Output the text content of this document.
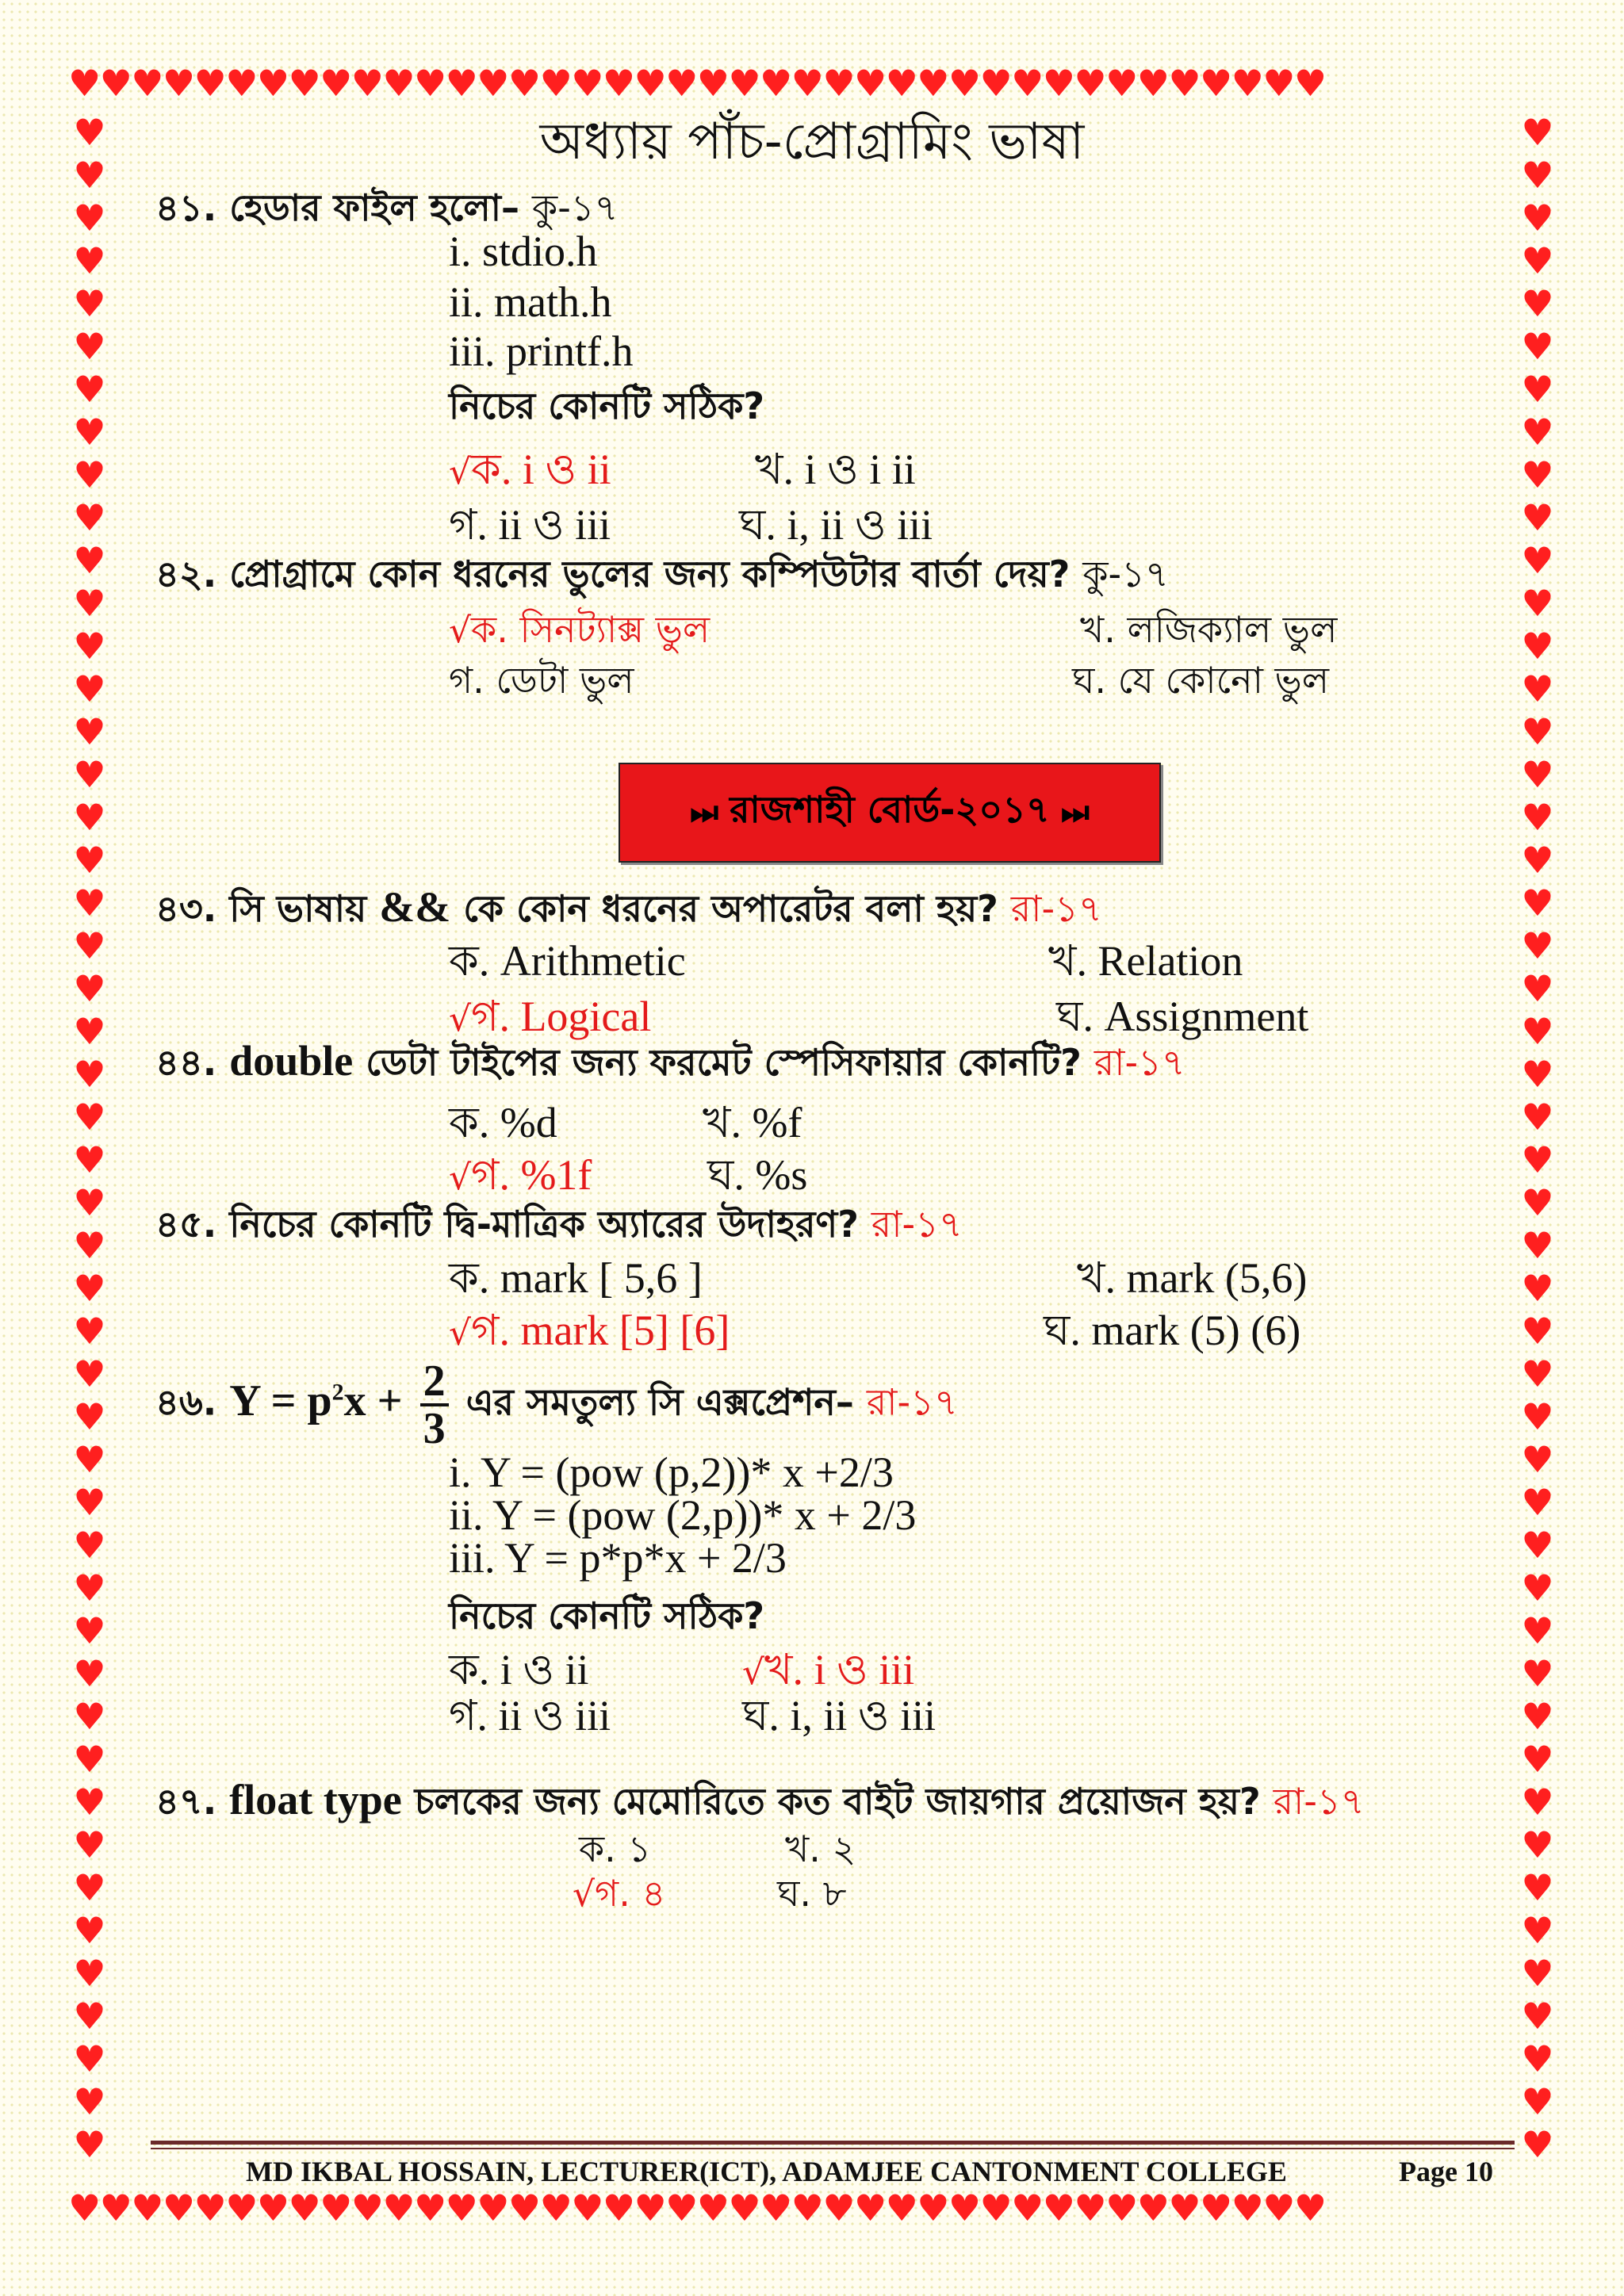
♥♥♥♥♥♥♥♥♥♥♥♥♥♥♥♥♥♥♥♥♥♥♥♥♥♥♥♥♥♥♥♥♥♥♥♥♥♥♥♥
♥♥♥♥♥♥♥♥♥♥♥♥♥♥♥♥♥♥♥♥♥♥♥♥♥♥♥♥♥♥♥♥♥♥♥♥♥♥♥♥
♥♥♥♥♥♥♥♥♥♥♥♥♥♥♥♥♥♥♥♥♥♥♥♥♥♥♥♥♥♥♥♥♥♥♥♥♥♥♥♥♥♥♥♥♥♥♥♥
♥♥♥♥♥♥♥♥♥♥♥♥♥♥♥♥♥♥♥♥♥♥♥♥♥♥♥♥♥♥♥♥♥♥♥♥♥♥♥♥♥♥♥♥♥♥♥♥
অধ্যায় পাঁচ-প্রোগ্রামিং ভাষা
৪১. হেডার ফাইল হলো– কু-১৭
i. stdio.h
ii. math.h
iii. printf.h
নিচের কোনটি সঠিক?
√ক. i ও ii	খ. i ও i ii
গ. ii ও iii	ঘ. i, ii ও iii
৪২. প্রোগ্রামে কোন ধরনের ভুলের জন্য কম্পিউটার বার্তা দেয়? কু-১৭
√ক. সিনট্যাক্স ভুল	খ. লজিক্যাল ভুল
গ. ডেটা ভুল	ঘ. যে কোনো ভুল
⏭ রাজশাহী বোর্ড-২০১৭ ⏭
৪৩. সি ভাষায় && কে কোন ধরনের অপারেটর বলা হয়? রা-১৭
ক. Arithmetic	খ. Relation
√গ. Logical	ঘ. Assignment
৪৪. double ডেটা টাইপের জন্য ফরমেট স্পেসিফায়ার কোনটি? রা-১৭
ক. %d	খ. %f
√গ. %1f	ঘ. %s
৪৫. নিচের কোনটি দ্বি-মাত্রিক অ্যারের উদাহরণ? রা-১৭
ক. mark [ 5,6 ]	খ. mark (5,6)
√গ. mark [5] [6]	ঘ. mark (5) (6)
৪৬. $Y = p^2x + \frac{2}{3}$ এর সমতুল্য সি এক্সপ্রেশন– রা-১৭
i. Y = (pow (p,2))* x +2/3
ii. Y = (pow (2,p))* x + 2/3
iii. Y = p*p*x + 2/3
নিচের কোনটি সঠিক?
ক. i ও ii	√খ. i ও iii
গ. ii ও iii	ঘ. i, ii ও iii
৪৭. float type চলকের জন্য মেমোরিতে কত বাইট জায়গার প্রয়োজন হয়? রা-১৭
ক. ১	খ. ২
√গ. ৪	ঘ. ৮
MD IKBAL HOSSAIN, LECTURER(ICT), ADAMJEE CANTONMENT COLLEGE	Page 10
